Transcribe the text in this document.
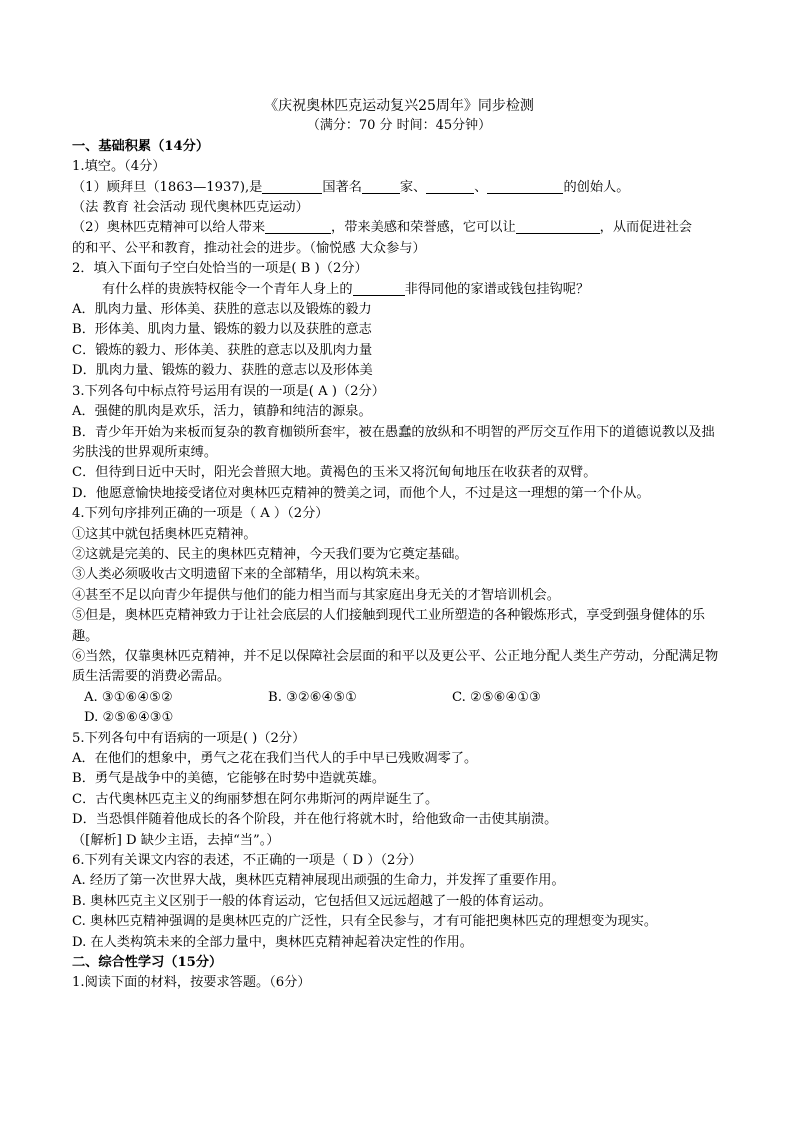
《庆祝奥林匹克运动复兴25周年》同步检测
（满分：70 分 时间：45分钟）
一、基础积累（14分）
1.填空。（4分）
（1）顾拜旦（1863—1937),是	国著名	家、	、	的创始人。
（法 教育 社会活动 现代奥林匹克运动）
（2）奥林匹克精神可以给人带来	，带来美感和荣誉感，它可以让	，从而促进社会
的和平、公平和教育，推动社会的进步。（愉悦感 大众参与）
2．填入下面句子空白处恰当的一项是( B )（2分）
有什么样的贵族特权能令一个青年人身上的	非得同他的家谱或钱包挂钩呢？
A．肌肉力量、形体美、获胜的意志以及锻炼的毅力
B．形体美、肌肉力量、锻炼的毅力以及获胜的意志
C．锻炼的毅力、形体美、获胜的意志以及肌肉力量
D．肌肉力量、锻炼的毅力、获胜的意志以及形体美
3.下列各句中标点符号运用有误的一项是( A )（2分）
A．强健的肌肉是欢乐，活力，镇静和纯洁的源泉。
B．青少年开始为来板而复杂的教育枷锁所套牢，被在愚蠢的放纵和不明智的严厉交互作用下的道德说教以及拙劣肤浅的世界观所束缚。
C．但待到日近中天时，阳光会普照大地。黄褐色的玉米又将沉甸甸地压在收获者的双臂。
D．他愿意愉快地接受诸位对奥林匹克精神的赞美之词，而他个人，不过是这一理想的第一个仆从。
4.下列句序排列正确的一项是（ A ）（2分）
①这其中就包括奥林匹克精神。
②这就是完美的、民主的奥林匹克精神，今天我们要为它奠定基础。
③人类必须吸收古文明遗留下来的全部精华，用以构筑未来。
④甚至不足以向青少年提供与他们的能力相当而与其家庭出身无关的才智培训机会。
⑤但是，奥林匹克精神致力于让社会底层的人们接触到现代工业所塑造的各种锻炼形式，享受到强身健体的乐趣。
⑥当然，仅靠奥林匹克精神，并不足以保障社会层面的和平以及更公平、公正地分配人类生产劳动，分配满足物质生活需要的消费必需品。
A. ③①⑥④⑤②	B. ③②⑥④⑤①	C. ②⑤⑥④①③
D. ②⑤⑥④③①
5.下列各句中有语病的一项是( )（2分）
A．在他们的想象中，勇气之花在我们当代人的手中早已残败凋零了。
B．勇气是战争中的美德，它能够在时势中造就英雄。
C．古代奥林匹克主义的绚丽梦想在阿尔弗斯河的两岸诞生了。
D．当恐惧伴随着他成长的各个阶段，并在他行将就木时，给他致命一击使其崩溃。
（[解析] D 缺少主语，去掉“当”。）
6.下列有关课文内容的表述，不正确的一项是（ D ）（2分）
A. 经历了第一次世界大战，奥林匹克精神展现出顽强的生命力，并发挥了重要作用。
B. 奥林匹克主义区别于一般的体育运动，它包括但又远远超越了一般的体育运动。
C. 奥林匹克精神强调的是奥林匹克的广泛性，只有全民参与，才有可能把奥林匹克的理想变为现实。
D. 在人类构筑未来的全部力量中，奥林匹克精神起着决定性的作用。
二、综合性学习（15分）
1.阅读下面的材料，按要求答题。（6分）
